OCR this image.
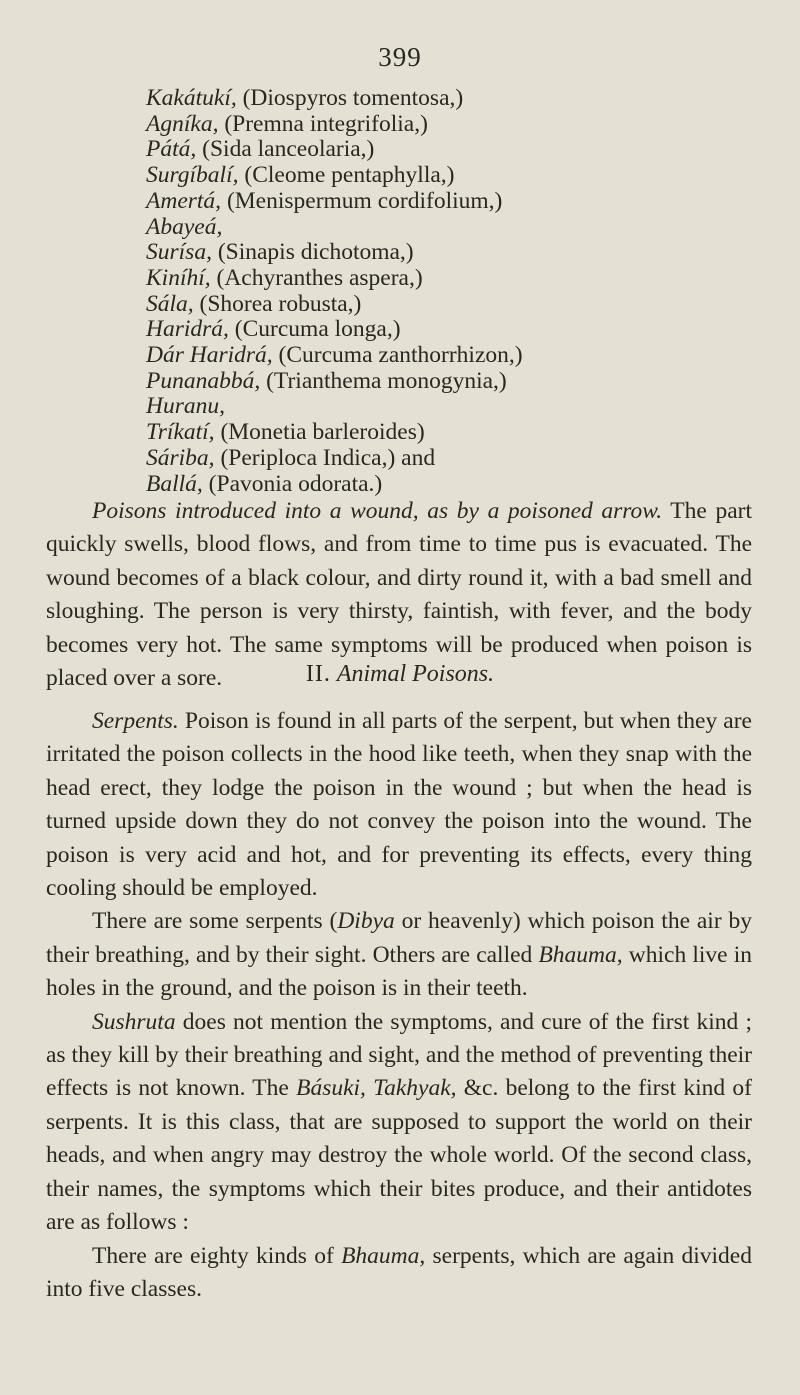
399
Kakátukí, (Diospyros tomentosa,)
Agníka, (Premna integrifolia,)
Pátá, (Sida lanceolaria,)
Surgíbalí, (Cleome pentaphylla,)
Amertá, (Menispermum cordifolium,)
Abayeá,
Surísa, (Sinapis dichotoma,)
Kiníhí, (Achyranthes aspera,)
Sála, (Shorea robusta,)
Haridrá, (Curcuma longa,)
Dár Haridrá, (Curcuma zanthorrhizon,)
Punanabbá, (Trianthema monogynia,)
Huranu,
Tríkatí, (Monetia barleroides)
Sáriba, (Periploca Indica,) and
Ballá, (Pavonia odorata.)

Poisons introduced into a wound, as by a poisoned arrow. The part quickly swells, blood flows, and from time to time pus is evacuated. The wound becomes of a black colour, and dirty round it, with a bad smell and sloughing. The person is very thirsty, faintish, with fever, and the body becomes very hot. The same symptoms will be produced when poison is placed over a sore.	II. Animal Poisons.

Serpents. Poison is found in all parts of the serpent, but when they are irritated the poison collects in the hood like teeth, when they snap with the head erect, they lodge the poison in the wound ; but when the head is turned upside down they do not convey the poison into the wound. The poison is very acid and hot, and for preventing its effects, every thing cooling should be employed.

There are some serpents (Dibya or heavenly) which poison the air by their breathing, and by their sight. Others are called Bhauma, which live in holes in the ground, and the poison is in their teeth.

Sushruta does not mention the symptoms, and cure of the first kind ; as they kill by their breathing and sight, and the method of preventing their effects is not known. The Básuki, Takhyak, &c. belong to the first kind of serpents. It is this class, that are supposed to support the world on their heads, and when angry may destroy the whole world. Of the second class, their names, the symptoms which their bites produce, and their antidotes are as follows :

There are eighty kinds of Bhauma, serpents, which are again divided into five classes.
